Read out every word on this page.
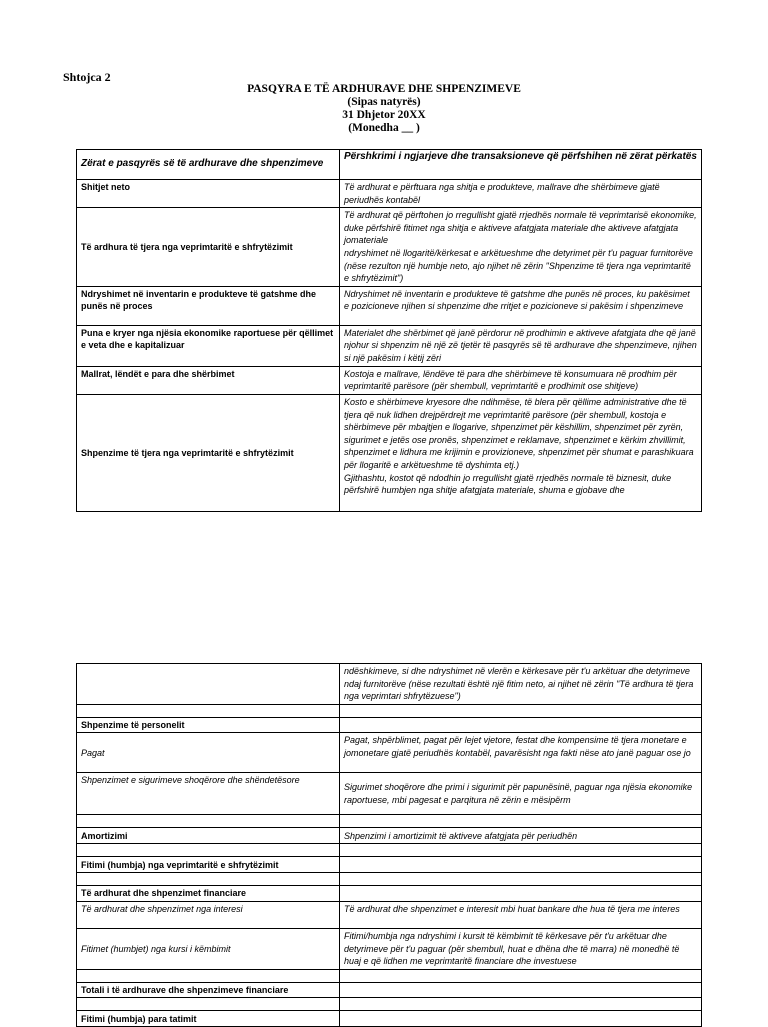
Shtojca 2
PASQYRA E TË ARDHURAVE DHE SHPENZIMEVE
(Sipas natyrës)
31 Dhjetor 20XX
(Monedha __ )
Zërat e pasqyrës së të ardhurave dhe shpenzimeve	Përshkrimi i ngjarjeve dhe transaksioneve që përfshihen në zërat përkatës
Shitjet neto	Të ardhurat e përftuara nga shitja e produkteve, mallrave dhe shërbimeve gjatë periudhës kontabël
Të ardhura të tjera nga veprimtaritë e shfrytëzimit	Të ardhurat që përftohen jo rregullisht gjatë rrjedhës normale të veprimtarisë ekonomike, duke përfshirë fitimet nga shitja e aktiveve afatgjata materiale dhe aktiveve afatgjata jomateriale
ndryshimet në llogaritë/kërkesat e arkëtueshme dhe detyrimet për t'u paguar furnitorëve (nëse rezulton një humbje neto, ajo njihet në zërin "Shpenzime të tjera nga veprimtaritë e shfrytëzimit")
Ndryshimet në inventarin e produkteve të gatshme dhe punës në proces	Ndryshimet në inventarin e produkteve të gatshme dhe punës në proces, ku pakësimet e pozicioneve njihen si shpenzime dhe rritjet e pozicioneve si pakësim i shpenzimeve
Puna e kryer nga njësia ekonomike raportuese për qëllimet e veta dhe e kapitalizuar	Materialet dhe shërbimet që janë përdorur në prodhimin e aktiveve afatgjata dhe që janë njohur si shpenzim në një zë tjetër të pasqyrës së të ardhurave dhe shpenzimeve, njihen si një pakësim i këtij zëri
Mallrat, lëndët e para dhe shërbimet	Kostoja e mallrave, lëndëve të para dhe shërbimeve të konsumuara në prodhim për veprimtaritë parësore (për shembull, veprimtaritë e prodhimit ose shitjeve)
Shpenzime të tjera nga veprimtaritë e shfrytëzimit	Kosto e shërbimeve kryesore dhe ndihmëse, të blera për qëllime administrative dhe të tjera që nuk lidhen drejpërdrejt me veprimtaritë parësore (për shembull, kostoja e shërbimeve për mbajtjen e llogarive, shpenzimet për këshillim, shpenzimet për zyrën, sigurimet e jetës ose pronës, shpenzimet e reklamave, shpenzimet e kërkim zhvillimit, shpenzimet e lidhura me krijimin e provizioneve, shpenzimet për shumat e parashikuara për llogaritë e arkëtueshme të dyshimta etj.)
Gjithashtu, kostot që ndodhin jo rregullisht gjatë rrjedhës normale të biznesit, duke përfshirë humbjen nga shitje afatgjata materiale, shuma e gjobave dhe
	ndëshkimeve, si dhe ndryshimet në vlerën e kërkesave për t'u arkëtuar dhe detyrimeve ndaj furnitorëve (nëse rezultati është një fitim neto, ai njihet në zërin "Të ardhura të tjera nga veprimtari shfrytëzuese")

Shpenzime të personelit	
Pagat	Pagat, shpërblimet, pagat për lejet vjetore, festat dhe kompensime të tjera monetare e jomonetare gjatë periudhës kontabël, pavarësisht nga fakti nëse ato janë paguar ose jo
Shpenzimet e sigurimeve shoqërore dhe shëndetësore	Sigurimet shoqërore dhe primi i sigurimit për papunësinë, paguar nga njësia ekonomike raportuese, mbi pagesat e parqitura në zërin e mësipërm

Amortizimi	Shpenzimi i amortizimit të aktiveve afatgjata për periudhën

Fitimi (humbja) nga veprimtaritë e shfrytëzimit	

Të ardhurat dhe shpenzimet financiare	
Të ardhurat dhe shpenzimet nga interesi	Të ardhurat dhe shpenzimet e interesit mbi huat bankare dhe hua të tjera me interes
Fitimet (humbjet) nga kursi i këmbimit	Fitimi/humbja nga ndryshimi i kursit të këmbimit të kërkesave për t'u arkëtuar dhe detyrimeve për t'u paguar (për shembull, huat e dhëna dhe të marra) në monedhë të huaj e që lidhen me veprimtaritë financiare dhe investuese

Totali i të ardhurave dhe shpenzimeve financiare	

Fitimi (humbja) para tatimit	
